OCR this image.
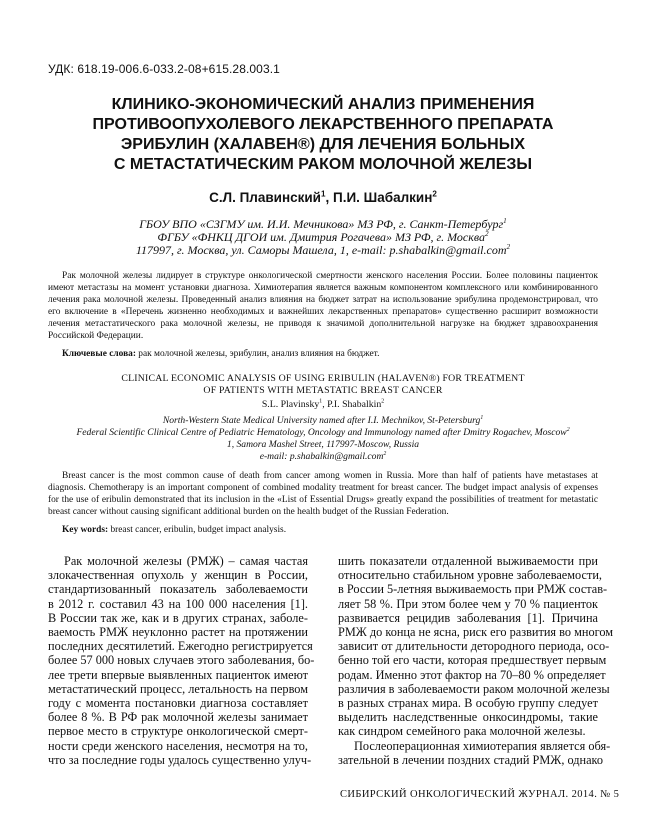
УДК: 618.19-006.6-033.2-08+615.28.003.1
КЛИНИКО-ЭКОНОМИЧЕСКИЙ АНАЛИЗ ПРИМЕНЕНИЯ
ПРОТИВООПУХОЛЕВОГО ЛЕКАРСТВЕННОГО ПРЕПАРАТА
ЭРИБУЛИН (ХАЛАВЕН®) ДЛЯ ЛЕЧЕНИЯ БОЛЬНЫХ
С МЕТАСТАТИЧЕСКИМ РАКОМ МОЛОЧНОЙ ЖЕЛЕЗЫ
С.Л. Плавинский$^1$, П.И. Шабалкин$^2$
ГБОУ ВПО «СЗГМУ им. И.И. Мечникова» МЗ РФ, г. Санкт-Петербург$^1$
ФГБУ «ФНКЦ ДГОИ им. Дмитрия Рогачева» МЗ РФ, г. Москва$^2$
117997, г. Москва, ул. Саморы Машела, 1, e-mail: p.shabalkin@gmail.com$^2$
Рак молочной железы лидирует в структуре онкологической смертности женского населения России. Более половины пациенток имеют метастазы на момент установки диагноза. Химиотерапия является важным компонентом комплексного или комбинированного лечения рака молочной железы. Проведенный анализ влияния на бюджет затрат на использование эрибулина продемонстрировал, что его включение в «Перечень жизненно необходимых и важнейших лекарственных препаратов» существенно расширит возможности лечения метастатического рака молочной железы, не приводя к значимой дополнительной нагрузке на бюджет здравоохранения Российской Федерации.
Ключевые слова: рак молочной железы, эрибулин, анализ влияния на бюджет.
CLINICAL ECONOMIC ANALYSIS OF USING ERIBULIN (HALAVEN®) FOR TREATMENT
OF PATIENTS WITH METASTATIC BREAST CANCER
S.L. Plavinsky$^1$, P.I. Shabalkin$^2$
North-Western State Medical University named after I.I. Mechnikov, St-Petersburg$^1$
Federal Scientific Clinical Centre of Pediatric Hematology, Oncology and Immunology named after Dmitry Rogachev, Moscow$^2$
1, Samora Mashel Street, 117997-Moscow, Russia
e-mail: p.shabalkin@gmail.com$^2$
Breast cancer is the most common cause of death from cancer among women in Russia. More than half of patients have metastases at diagnosis. Chemotherapy is an important component of combined modality treatment for breast cancer. The budget impact analysis of expenses for the use of eribulin demonstrated that its inclusion in the «List of Essential Drugs» greatly expand the possibilities of treatment for metastatic breast cancer without causing significant additional burden on the health budget of the Russian Federation.
Key words: breast cancer, eribulin, budget impact analysis.
Рак молочной железы (РМЖ) – самая частая
злокачественная опухоль у женщин в России,
стандартизованный показатель заболеваемости
в 2012 г. составил 43 на 100 000 населения [1].
В России так же, как и в других странах, заболе-
ваемость РМЖ неуклонно растет на протяжении
последних десятилетий. Ежегодно регистрируется
более 57 000 новых случаев этого заболевания, бо-
лее трети впервые выявленных пациенток имеют
метастатический процесс, летальность на первом
году с момента постановки диагноза составляет
более 8 %. В РФ рак молочной железы занимает
первое место в структуре онкологической смерт-
ности среди женского населения, несмотря на то,
что за последние годы удалось существенно улуч-
шить показатели отдаленной выживаемости при
относительно стабильном уровне заболеваемости,
в России 5-летняя выживаемость при РМЖ состав-
ляет 58 %. При этом более чем у 70 % пациенток
развивается рецидив заболевания [1]. Причина
РМЖ до конца не ясна, риск его развития во многом
зависит от длительности детородного периода, осо-
бенно той его части, которая предшествует первым
родам. Именно этот фактор на 70–80 % определяет
различия в заболеваемости раком молочной железы
в разных странах мира. В особую группу следует
выделить наследственные онкосиндромы, такие
как синдром семейного рака молочной железы.
Послеоперационная химиотерапия является обя-
зательной в лечении поздних стадий РМЖ, однако
СИБИРСКИЙ ОНКОЛОГИЧЕСКИЙ ЖУРНАЛ. 2014. № 5
